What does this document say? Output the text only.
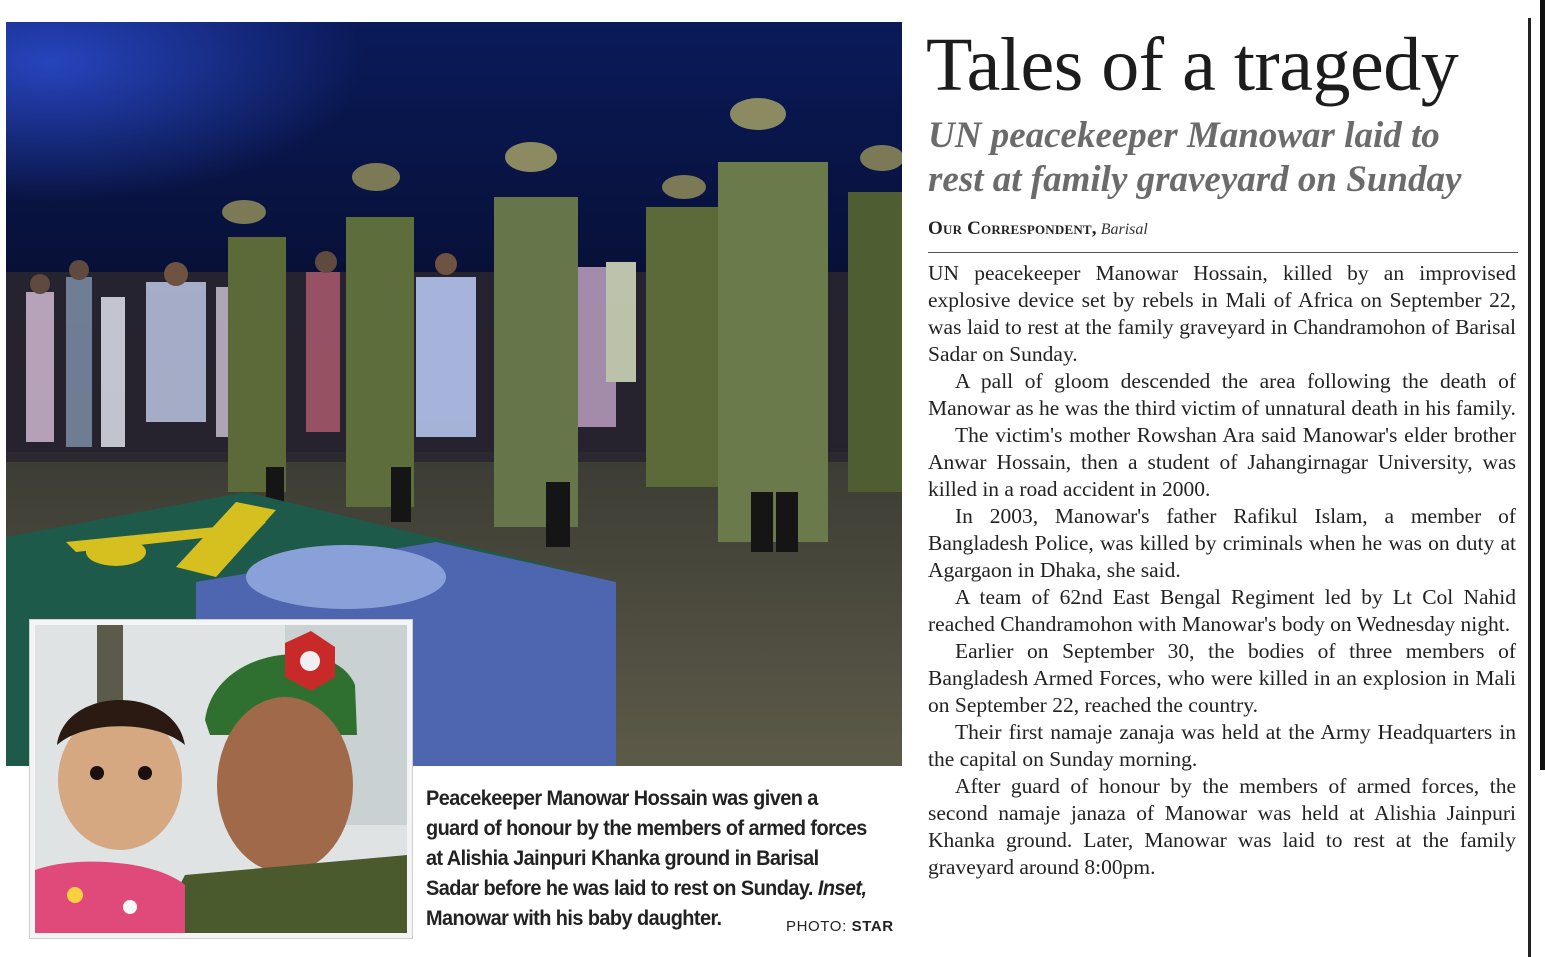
Peacekeeper Manowar Hossain was given a guard of honour by the members of armed forces at Alishia Jainpuri Khanka ground in Barisal Sadar before he was laid to rest on Sunday. Inset, Manowar with his baby daughter.	PHOTO: STAR
Tales of a tragedy
UN peacekeeper Manowar laid to
rest at family graveyard on Sunday
Our Correspondent, Barisal

UN peacekeeper Manowar Hossain, killed by an improvised explosive device set by rebels in Mali of Africa on September 22, was laid to rest at the family graveyard in Chandramohon of Barisal Sadar on Sunday.

A pall of gloom descended the area following the death of Manowar as he was the third victim of unnatural death in his family.

The victim's mother Rowshan Ara said Manowar's elder brother Anwar Hossain, then a student of Jahangirnagar University, was killed in a road accident in 2000.

In 2003, Manowar's father Rafikul Islam, a member of Bangladesh Police, was killed by criminals when he was on duty at Agargaon in Dhaka, she said.

A team of 62nd East Bengal Regiment led by Lt Col Nahid reached Chandramohon with Manowar's body on Wednesday night.

Earlier on September 30, the bodies of three members of Bangladesh Armed Forces, who were killed in an explosion in Mali on September 22, reached the country.

Their first namaje zanaja was held at the Army Headquarters in the capital on Sunday morning.

After guard of honour by the members of armed forces, the second namaje janaza of Manowar was held at Alishia Jainpuri Khanka ground. Later, Manowar was laid to rest at the family graveyard around 8:00pm.
